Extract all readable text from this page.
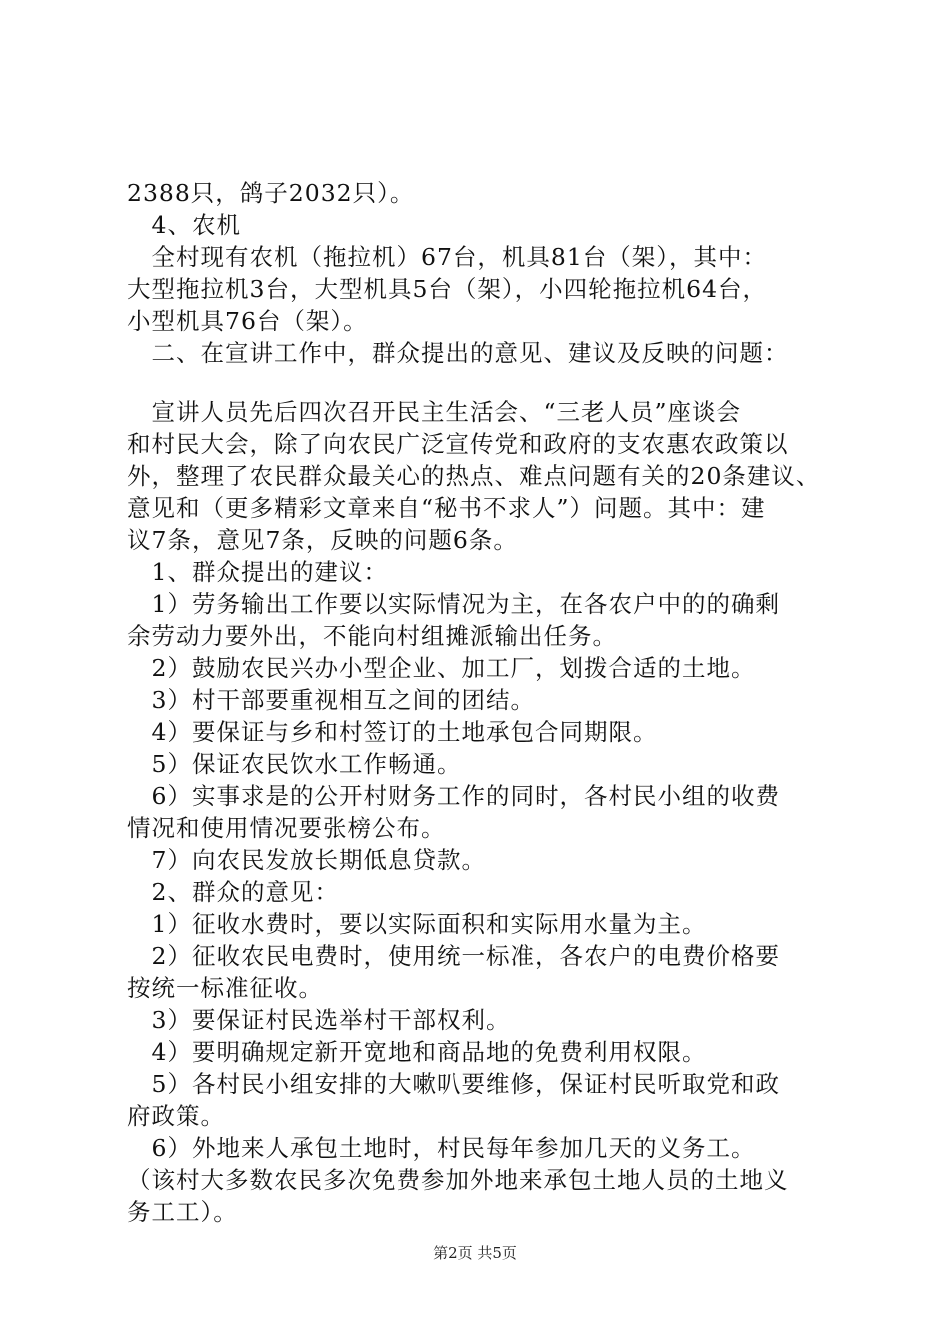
2388只，鸽子2032只）。
　4、农机
　全村现有农机（拖拉机）67台，机具81台（架），其中：
大型拖拉机3台，大型机具5台（架），小四轮拖拉机64台，
小型机具76台（架）。
　二、在宣讲工作中，群众提出的意见、建议及反映的问题：
　宣讲人员先后四次召开民主生活会、“三老人员”座谈会
和村民大会，除了向农民广泛宣传党和政府的支农惠农政策以
外，整理了农民群众最关心的热点、难点问题有关的20条建议、
意见和（更多精彩文章来自“秘书不求人”）问题。其中：建
议7条，意见7条，反映的问题6条。
　1、群众提出的建议：
　1）劳务输出工作要以实际情况为主，在各农户中的的确剩
余劳动力要外出，不能向村组摊派输出任务。
　2）鼓励农民兴办小型企业、加工厂，划拨合适的土地。
　3）村干部要重视相互之间的团结。
　4）要保证与乡和村签订的土地承包合同期限。
　5）保证农民饮水工作畅通。
　6）实事求是的公开村财务工作的同时，各村民小组的收费
情况和使用情况要张榜公布。
　7）向农民发放长期低息贷款。
　2、群众的意见：
　1）征收水费时，要以实际面积和实际用水量为主。
　2）征收农民电费时，使用统一标准，各农户的电费价格要
按统一标准征收。
　3）要保证村民选举村干部权利。
　4）要明确规定新开宽地和商品地的免费利用权限。
　5）各村民小组安排的大嗽叭要维修，保证村民听取党和政
府政策。
　6）外地来人承包土地时，村民每年参加几天的义务工。
（该村大多数农民多次免费参加外地来承包土地人员的土地义
务工工）。
第2页 共5页
